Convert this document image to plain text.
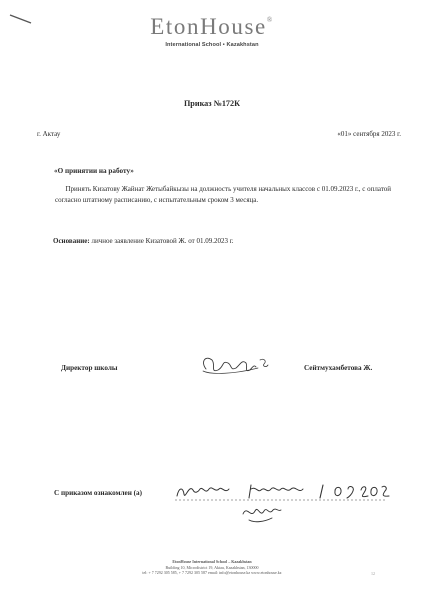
EtonHouse®
International School • Kazakhstan
Приказ №172К
г. Актау	«01» сентября 2023 г.
«О принятии на работу»

Принять Кизатову Жайнат Жетыбайкызы на должность учителя начальных классов с 01.09.2023 г., с оплатой согласно штатному расписанию, с испытательным сроком 3 месяца.

Основание: личное заявление Кизатовой Ж. от 01.09.2023 г.
Директор школы	Сейтмухамбетова Ж.
С приказом ознакомлен (а)
EtonHouse International School – Kazakhstan
Building 10, Microdistrict 19, Aktau, Kazakhstan, 130000
tel: + 7 7292 305 585, + 7 7292 305 587 email: info@etonhouse.kz www.etonhouse.kz	12
